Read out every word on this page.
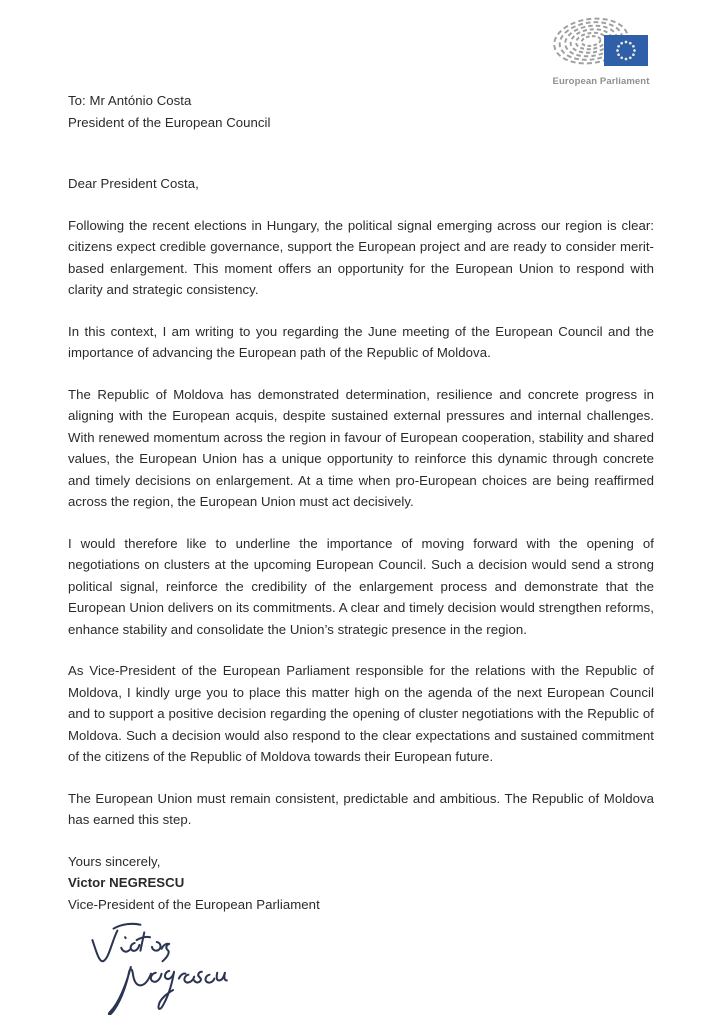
European Parliament

To: Mr António Costa

President of the European Council

Dear President Costa,

Following the recent elections in Hungary, the political signal emerging across our region is clear: citizens expect credible governance, support the European project and are ready to consider merit-based enlargement. This moment offers an opportunity for the European Union to respond with clarity and strategic consistency.

In this context, I am writing to you regarding the June meeting of the European Council and the importance of advancing the European path of the Republic of Moldova.

The Republic of Moldova has demonstrated determination, resilience and concrete progress in aligning with the European acquis, despite sustained external pressures and internal challenges. With renewed momentum across the region in favour of European cooperation, stability and shared values, the European Union has a unique opportunity to reinforce this dynamic through concrete and timely decisions on enlargement. At a time when pro-European choices are being reaffirmed across the region, the European Union must act decisively.

I would therefore like to underline the importance of moving forward with the opening of negotiations on clusters at the upcoming European Council. Such a decision would send a strong political signal, reinforce the credibility of the enlargement process and demonstrate that the European Union delivers on its commitments. A clear and timely decision would strengthen reforms, enhance stability and consolidate the Union’s strategic presence in the region.

As Vice-President of the European Parliament responsible for the relations with the Republic of Moldova, I kindly urge you to place this matter high on the agenda of the next European Council and to support a positive decision regarding the opening of cluster negotiations with the Republic of Moldova. Such a decision would also respond to the clear expectations and sustained commitment of the citizens of the Republic of Moldova towards their European future.

The European Union must remain consistent, predictable and ambitious. The Republic of Moldova has earned this step.

Yours sincerely,

Victor NEGRESCU

Vice-President of the European Parliament
